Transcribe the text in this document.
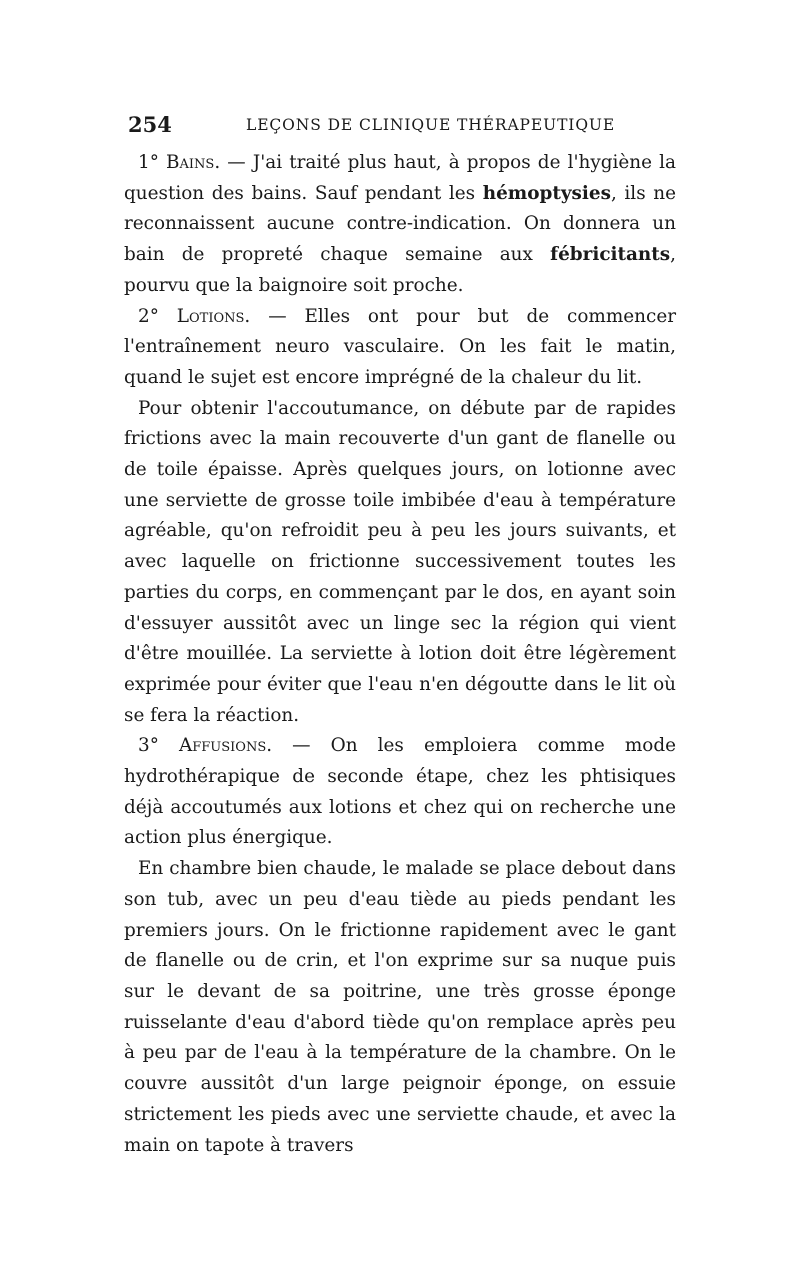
254	LEÇONS DE CLINIQUE THÉRAPEUTIQUE

1° Bains. — J'ai traité plus haut, à propos de l'hygiène la question des bains. Sauf pendant les hémoptysies, ils ne reconnaissent aucune contre-indication. On donnera un bain de propreté chaque semaine aux fébricitants, pourvu que la baignoire soit proche.

2° Lotions. — Elles ont pour but de commencer l'entraînement neuro vasculaire. On les fait le matin, quand le sujet est encore imprégné de la chaleur du lit.

Pour obtenir l'accoutumance, on débute par de rapides frictions avec la main recouverte d'un gant de flanelle ou de toile épaisse. Après quelques jours, on lotionne avec une serviette de grosse toile imbibée d'eau à température agréable, qu'on refroidit peu à peu les jours suivants, et avec laquelle on frictionne successivement toutes les parties du corps, en commençant par le dos, en ayant soin d'essuyer aussitôt avec un linge sec la région qui vient d'être mouillée. La serviette à lotion doit être légèrement exprimée pour éviter que l'eau n'en dégoutte dans le lit où se fera la réaction.

3° Affusions. — On les emploiera comme mode hydrothérapique de seconde étape, chez les phtisiques déjà accoutumés aux lotions et chez qui on recherche une action plus énergique.

En chambre bien chaude, le malade se place debout dans son tub, avec un peu d'eau tiède au pieds pendant les premiers jours. On le frictionne rapidement avec le gant de flanelle ou de crin, et l'on exprime sur sa nuque puis sur le devant de sa poitrine, une très grosse éponge ruisselante d'eau d'abord tiède qu'on remplace après peu à peu par de l'eau à la température de la chambre. On le couvre aussitôt d'un large peignoir éponge, on essuie strictement les pieds avec une serviette chaude, et avec la main on tapote à travers
